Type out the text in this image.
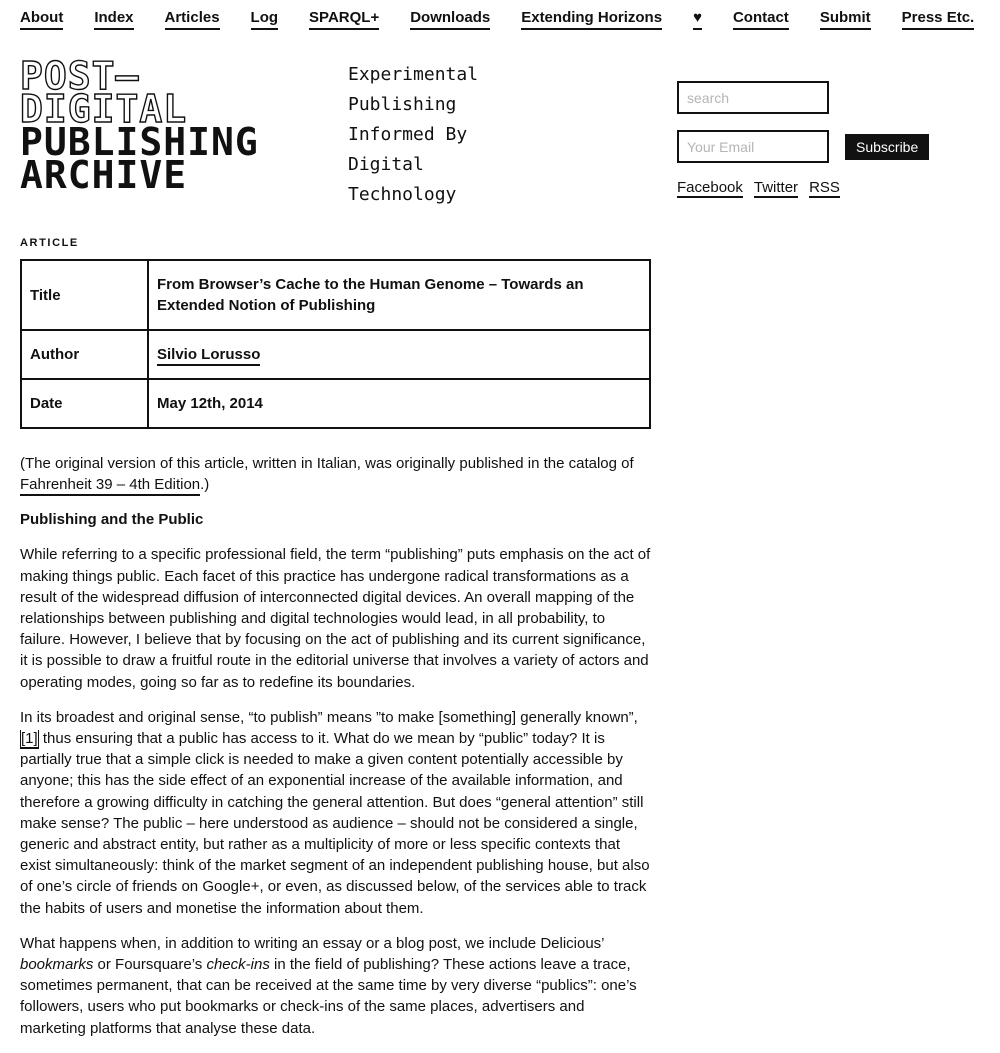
About Index Articles Log SPARQL+ Downloads Extending Horizons ♥ Contact Submit Press Etc.
POST—
DIGITAL
PUBLISHING
ARCHIVE
Experimental
Publishing
Informed By
Digital
Technology
search
Your Email
Subscribe
Facebook Twitter RSS
ARTICLE
Title	From Browser’s Cache to the Human Genome – Towards an Extended Notion of Publishing
Author	Silvio Lorusso
Date	May 12th, 2014

(The original version of this article, written in Italian, was originally published in the catalog of Fahrenheit 39 – 4th Edition.)

Publishing and the Public

While referring to a specific professional field, the term “publishing” puts emphasis on the act of making things public. Each facet of this practice has undergone radical transformations as a result of the widespread diffusion of interconnected digital devices. An overall mapping of the relationships between publishing and digital technologies would lead, in all probability, to failure. However, I believe that by focusing on the act of publishing and its current significance, it is possible to draw a fruitful route in the editorial universe that involves a variety of actors and operating modes, going so far as to redefine its boundaries.

In its broadest and original sense, “to publish” means ”to make [something] generally known”,[1] thus ensuring that a public has access to it. What do we mean by “public” today? It is partially true that a simple click is needed to make a given content potentially accessible by anyone; this has the side effect of an exponential increase of the available information, and therefore a growing difficulty in catching the general attention. But does “general attention” still make sense? The public – here understood as audience – should not be considered a single, generic and abstract entity, but rather as a multiplicity of more or less specific contexts that exist simultaneously: think of the market segment of an independent publishing house, but also of one’s circle of friends on Google+, or even, as discussed below, of the services able to track the habits of users and monetise the information about them.

What happens when, in addition to writing an essay or a blog post, we include Delicious’ bookmarks or Foursquare’s check-ins in the field of publishing? These actions leave a trace, sometimes permanent, that can be received at the same time by very diverse “publics”: one’s followers, users who put bookmarks or check-ins of the same places, advertisers and marketing platforms that analyse these data.
